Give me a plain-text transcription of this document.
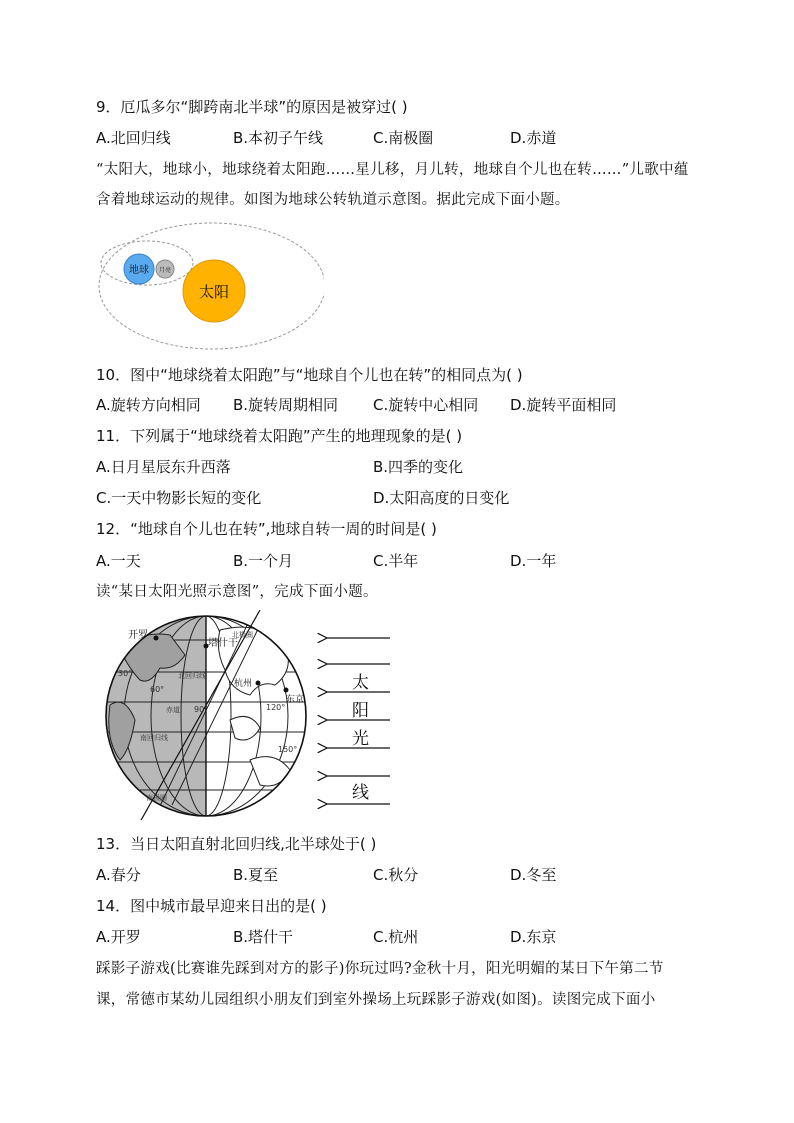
9．厄瓜多尔“脚跨南北半球”的原因是被穿过( )
A.北回归线	B.本初子午线	C.南极圈	D.赤道
“太阳大，地球小，地球绕着太阳跑……星儿移，月儿转，地球自个儿也在转……”儿歌中蕴
含着地球运动的规律。如图为地球公转轨道示意图。据此完成下面小题。
地球 月亮
太阳
10．图中“地球绕着太阳跑”与“地球自个儿也在转”的相同点为( )
A.旋转方向相同 B.旋转周期相同 C.旋转中心相同 D.旋转平面相同
11．下列属于“地球绕着太阳跑”产生的地理现象的是( )
A.日月星辰东升西落	B.四季的变化
C.一天中物影长短的变化	D.太阳高度的日变化
12．“地球自个儿也在转”,地球自转一周的时间是( )
A.一天	B.一个月	C.半年	D.一年
读“某日太阳光照示意图”，完成下面小题。
开罗
塔什干
杭州
东京
北极圈
北回归线
赤道
南回归线
南极圈
30°
60°
90°	120°
150°
太
阳
光
线
13．当日太阳直射北回归线,北半球处于( )
A.春分	B.夏至	C.秋分	D.冬至
14．图中城市最早迎来日出的是( )
A.开罗	B.塔什干	C.杭州	D.东京
踩影子游戏(比赛谁先踩到对方的影子)你玩过吗?金秋十月，阳光明媚的某日下午第二节
课，常德市某幼儿园组织小朋友们到室外操场上玩踩影子游戏(如图)。读图完成下面小
